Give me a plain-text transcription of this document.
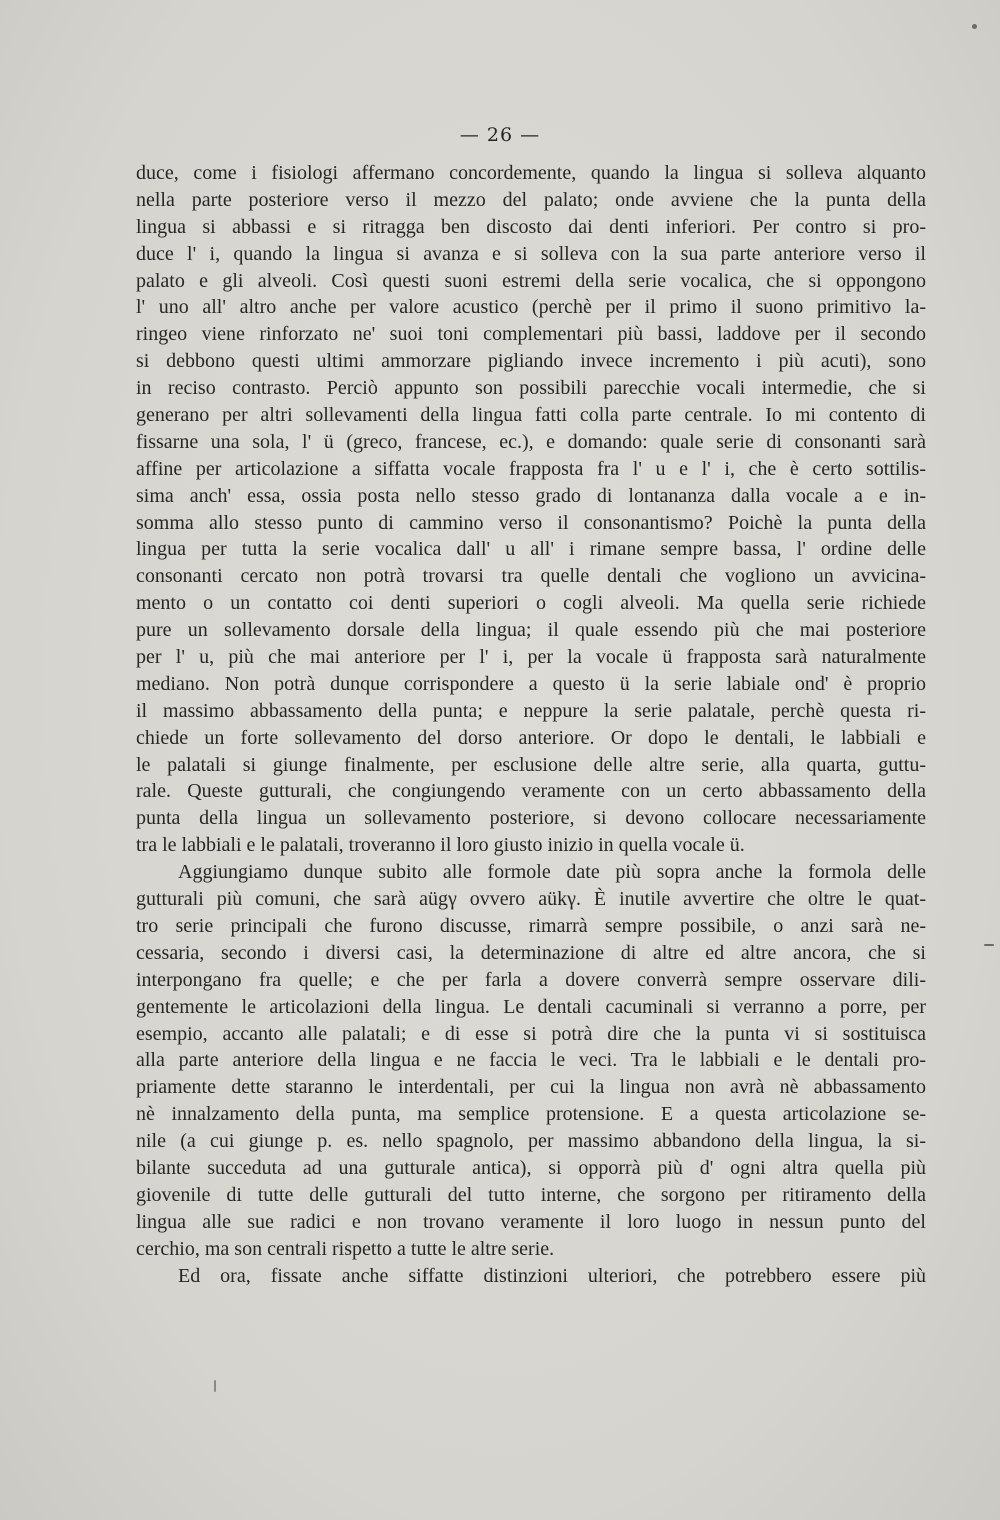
— 26 —
duce, come i fisiologi affermano concordemente, quando la lingua si solleva alquanto
nella parte posteriore verso il mezzo del palato; onde avviene che la punta della
lingua si abbassi e si ritragga ben discosto dai denti inferiori. Per contro si pro-
duce l' i, quando la lingua si avanza e si solleva con la sua parte anteriore verso il
palato e gli alveoli. Così questi suoni estremi della serie vocalica, che si oppongono
l' uno all' altro anche per valore acustico (perchè per il primo il suono primitivo la-
ringeo viene rinforzato ne' suoi toni complementari più bassi, laddove per il secondo
si debbono questi ultimi ammorzare pigliando invece incremento i più acuti), sono
in reciso contrasto. Perciò appunto son possibili parecchie vocali intermedie, che si
generano per altri sollevamenti della lingua fatti colla parte centrale. Io mi contento di
fissarne una sola, l' ü (greco, francese, ec.), e domando: quale serie di consonanti sarà
affine per articolazione a siffatta vocale frapposta fra l' u e l' i, che è certo sottilis-
sima anch' essa, ossia posta nello stesso grado di lontananza dalla vocale a e in-
somma allo stesso punto di cammino verso il consonantismo? Poichè la punta della
lingua per tutta la serie vocalica dall' u all' i rimane sempre bassa, l' ordine delle
consonanti cercato non potrà trovarsi tra quelle dentali che vogliono un avvicina-
mento o un contatto coi denti superiori o cogli alveoli. Ma quella serie richiede
pure un sollevamento dorsale della lingua; il quale essendo più che mai posteriore
per l' u, più che mai anteriore per l' i, per la vocale ü frapposta sarà naturalmente
mediano. Non potrà dunque corrispondere a questo ü la serie labiale ond' è proprio
il massimo abbassamento della punta; e neppure la serie palatale, perchè questa ri-
chiede un forte sollevamento del dorso anteriore. Or dopo le dentali, le labbiali e
le palatali si giunge finalmente, per esclusione delle altre serie, alla quarta, guttu-
rale. Queste gutturali, che congiungendo veramente con un certo abbassamento della
punta della lingua un sollevamento posteriore, si devono collocare necessariamente
tra le labbiali e le palatali, troveranno il loro giusto inizio in quella vocale ü.
Aggiungiamo dunque subito alle formole date più sopra anche la formola delle
gutturali più comuni, che sarà aügγ ovvero aükγ. È inutile avvertire che oltre le quat-
tro serie principali che furono discusse, rimarrà sempre possibile, o anzi sarà ne-
cessaria, secondo i diversi casi, la determinazione di altre ed altre ancora, che si
interpongano fra quelle; e che per farla a dovere converrà sempre osservare dili-
gentemente le articolazioni della lingua. Le dentali cacuminali si verranno a porre, per
esempio, accanto alle palatali; e di esse si potrà dire che la punta vi si sostituisca
alla parte anteriore della lingua e ne faccia le veci. Tra le labbiali e le dentali pro-
priamente dette staranno le interdentali, per cui la lingua non avrà nè abbassamento
nè innalzamento della punta, ma semplice protensione. E a questa articolazione se-
nile (a cui giunge p. es. nello spagnolo, per massimo abbandono della lingua, la si-
bilante succeduta ad una gutturale antica), si opporrà più d' ogni altra quella più
giovenile di tutte delle gutturali del tutto interne, che sorgono per ritiramento della
lingua alle sue radici e non trovano veramente il loro luogo in nessun punto del
cerchio, ma son centrali rispetto a tutte le altre serie.
Ed ora, fissate anche siffatte distinzioni ulteriori, che potrebbero essere più
